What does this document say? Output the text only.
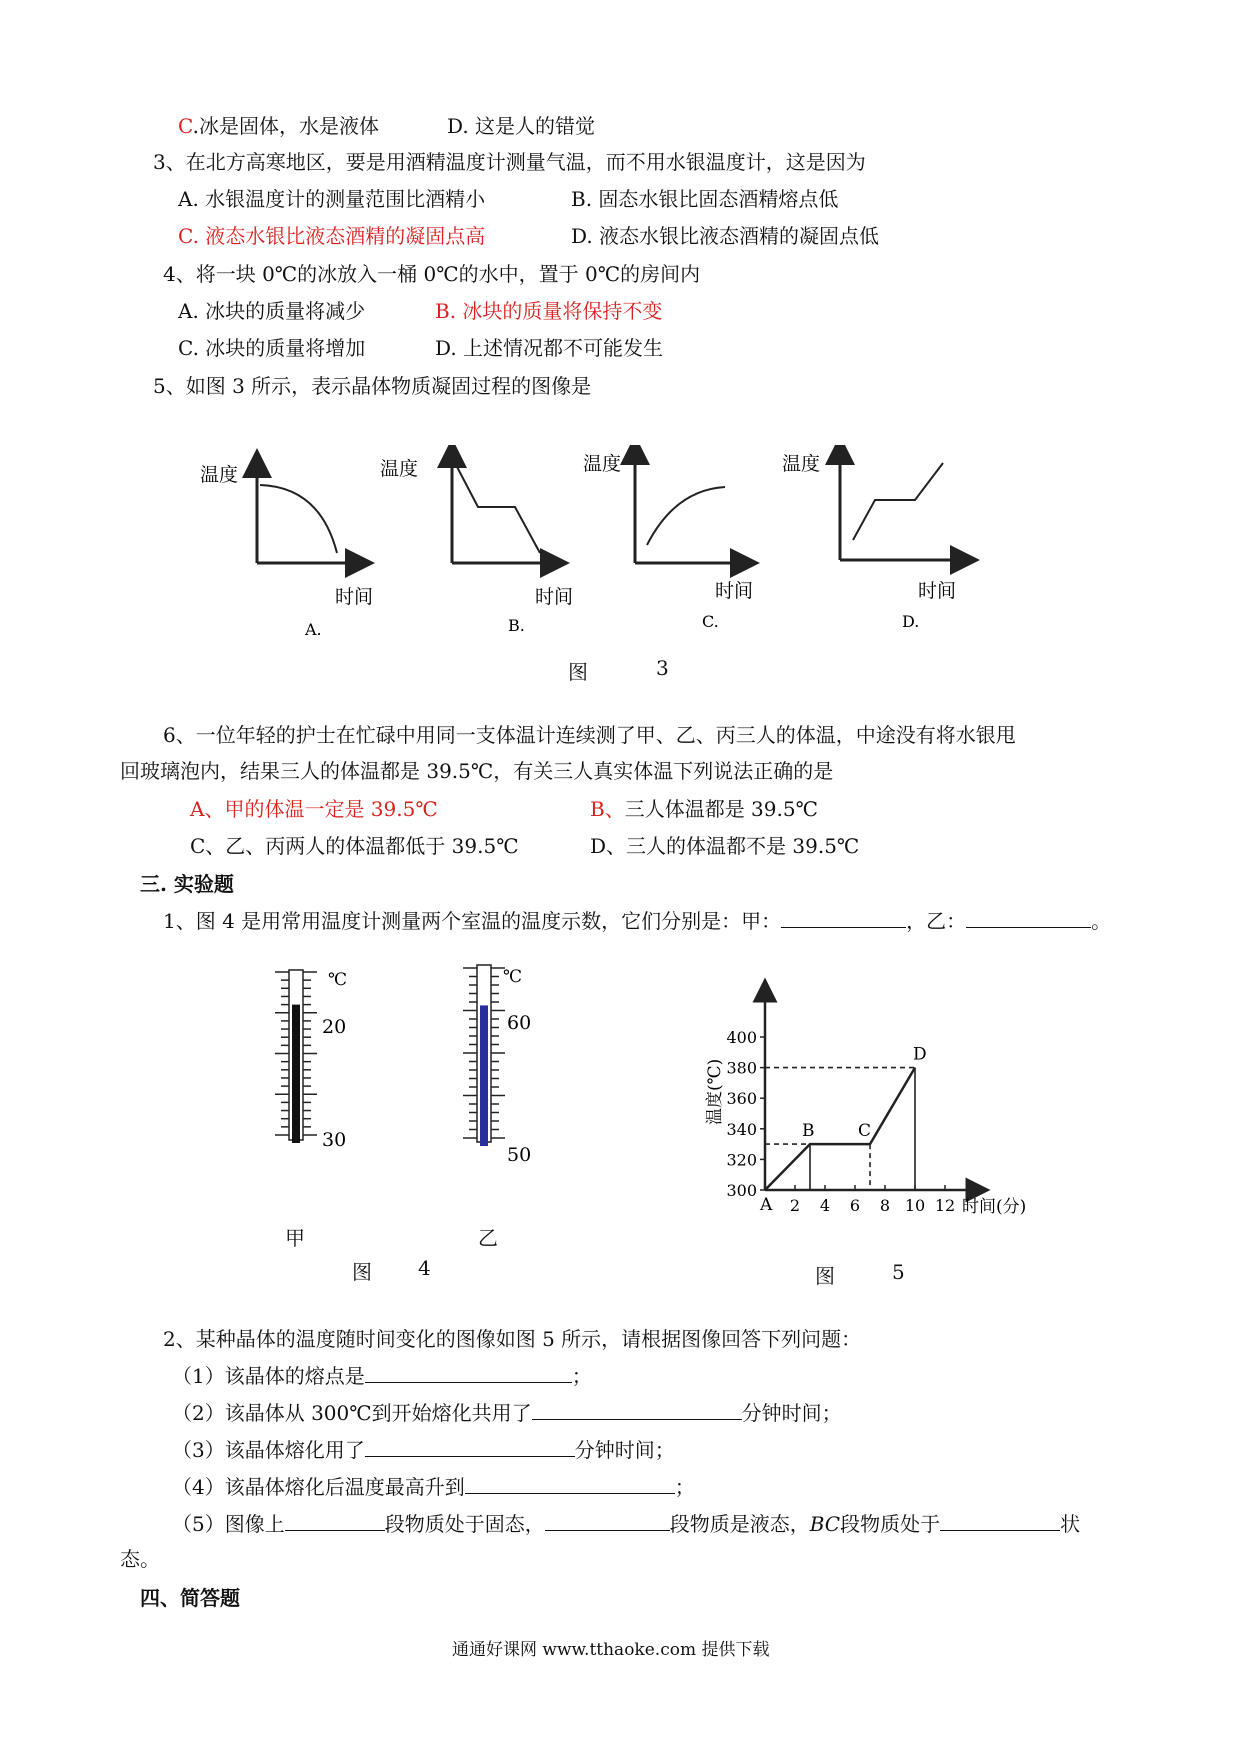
C.冰是固体，水是液体	D. 这是人的错觉
3、在北方高寒地区，要是用酒精温度计测量气温，而不用水银温度计，这是因为
A. 水银温度计的测量范围比酒精小	B. 固态水银比固态酒精熔点低
C. 液态水银比液态酒精的凝固点高	D. 液态水银比液态酒精的凝固点低
4、将一块 0℃的冰放入一桶 0℃的水中，置于 0℃的房间内
A. 冰块的质量将减少	B. 冰块的质量将保持不变
C. 冰块的质量将增加	D. 上述情况都不可能发生
5、如图 3 所示，表示晶体物质凝固过程的图像是
温度
时间
A.
温度
时间
B.
温度
时间
C.
温度
时间
D.
图	3
6、一位年轻的护士在忙碌中用同一支体温计连续测了甲、乙、丙三人的体温，中途没有将水银甩
回玻璃泡内，结果三人的体温都是 39.5℃，有关三人真实体温下列说法正确的是
A、甲的体温一定是 39.5℃	B、三人体温都是 39.5℃
C、乙、丙两人的体温都低于 39.5℃	D、三人的体温都不是 39.5℃
三. 实验题
1、图 4 是用常用温度计测量两个室温的温度示数，它们分别是：甲：	，乙：	。
℃
20
30
℃
60
50
甲	乙
图 4
300
320
340
360
380
400
2 4 6 8 10 12
A
B	C
D
时间(分)
温度(℃)
图	5
2、某种晶体的温度随时间变化的图像如图 5 所示，请根据图像回答下列问题：
（1）该晶体的熔点是	；
（2）该晶体从 300℃到开始熔化共用了	分钟时间；
（3）该晶体熔化用了	分钟时间；
（4）该晶体熔化后温度最高升到	；
（5）图像上	段物质处于固态，	段物质是液态，BC段物质处于	状
态。
四、简答题
通通好课网 www.tthaoke.com 提供下载
